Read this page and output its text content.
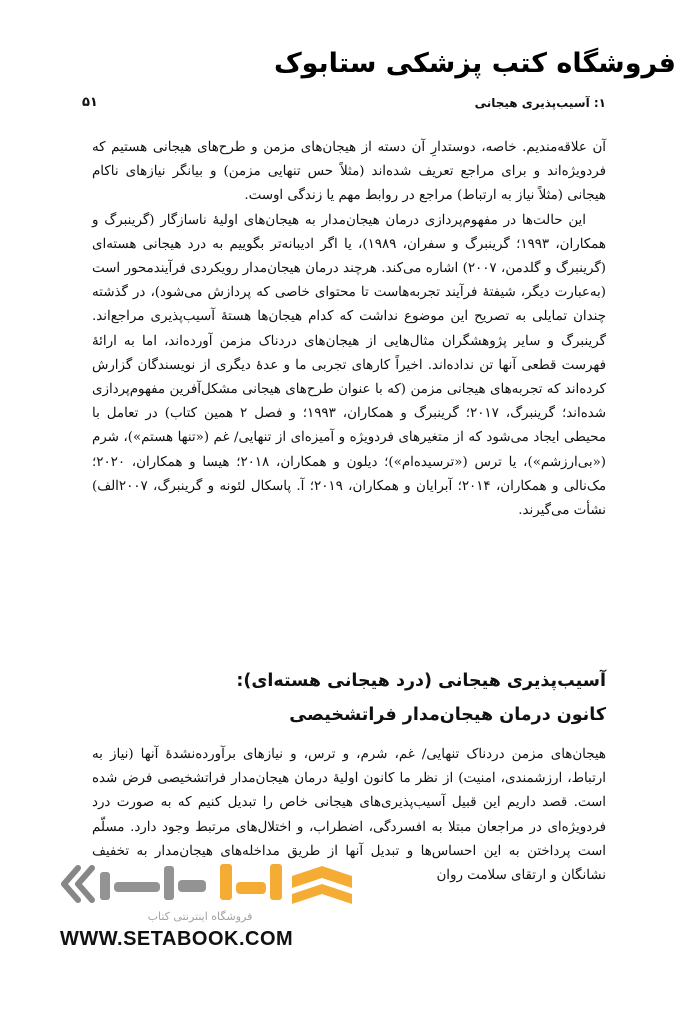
فروشگاه کتب پزشکی ستابوک
۱: آسیب‌پذیری هیجانی
۵۱

آن علاقه‌مندیم. خاصه، دوستدارِ آن دسته از هیجان‌های مزمن و طرح‌های هیجانی هستیم که فردویژه‌اند و برای مراجع تعریف شده‌اند (مثلاً حس تنهایی مزمن) و بیانگر نیازهای ناکام هیجانی (مثلاً نیاز به ارتباط) مراجع در روابط مهم یا زندگی اوست.

این حالت‌ها در مفهوم‌پردازی درمان هیجان‌مدار به هیجان‌های اولیهٔ ناسازگار (گرینبرگ و همکاران، ۱۹۹۳؛ گرینبرگ و سفران، ۱۹۸۹)، یا اگر ادیبانه‌تر بگوییم به درد هیجانی هسته‌ای (گرینبرگ و گلدمن، ۲۰۰۷) اشاره می‌کند. هرچند درمان هیجان‌مدار رویکردی فرآیندمحور است (به‌عبارت دیگر، شیفتهٔ فرآیند تجربه‌هاست تا محتوای خاصی که پردازش می‌شود)، در گذشته چندان تمایلی به تصریح این موضوع نداشت که کدام هیجان‌ها هستهٔ آسیب‌پذیری مراجع‌اند. گرینبرگ و سایر پژوهشگران مثال‌هایی از هیجان‌های دردناک مزمن آورده‌اند، اما به ارائهٔ فهرست قطعی آنها تن نداده‌اند. اخیراً کارهای تجربی ما و عدهٔ دیگری از نویسندگان گزارش کرده‌اند که تجربه‌های هیجانی مزمن (که با عنوان طرح‌های هیجانی مشکل‌آفرین مفهوم‌پردازی شده‌اند؛ گرینبرگ، ۲۰۱۷؛ گرینبرگ و همکاران، ۱۹۹۳؛ و فصل ۲ همین کتاب) در تعامل با محیطی ایجاد می‌شود که از متغیرهای فردویژه و آمیزه‌ای از تنهایی/ غم («تنها هستم»)، شرم («بی‌ارزشم»)، یا ترس («ترسیده‌ام»)؛ دیلون و همکاران، ۲۰۱۸؛ هیسا و همکاران، ۲۰۲۰؛ مک‌نالی و همکاران، ۲۰۱۴؛ آبرایان و همکاران، ۲۰۱۹؛ آ. پاسکال لئونه و گرینبرگ، ۲۰۰۷الف) نشأت می‌گیرند.

آسیب‌پذیری هیجانی (درد هیجانی هسته‌ای):
کانون درمان هیجان‌مدار فراتشخیصی

هیجان‌های مزمن دردناک تنهایی/ غم، شرم، و ترس، و نیازهای برآورده‌نشدهٔ آنها (نیاز به ارتباط، ارزشمندی، امنیت) از نظر ما کانون اولیهٔ درمان هیجان‌مدار فراتشخیصی فرض شده است. قصد داریم این قبیل آسیب‌پذیری‌های هیجانی خاص را تبدیل کنیم که به صورت درد فردویژه‌ای در مراجعان مبتلا به افسردگی، اضطراب، و اختلال‌های مرتبط وجود دارد. مسلّم است پرداختن به این احساس‌ها و تبدیل آنها از طریق مداخله‌های هیجان‌مدار به تخفیف نشانگان و ارتقای سلامت روان

فروشگاه اینترنتی کتاب
WWW.SETABOOK.COM
